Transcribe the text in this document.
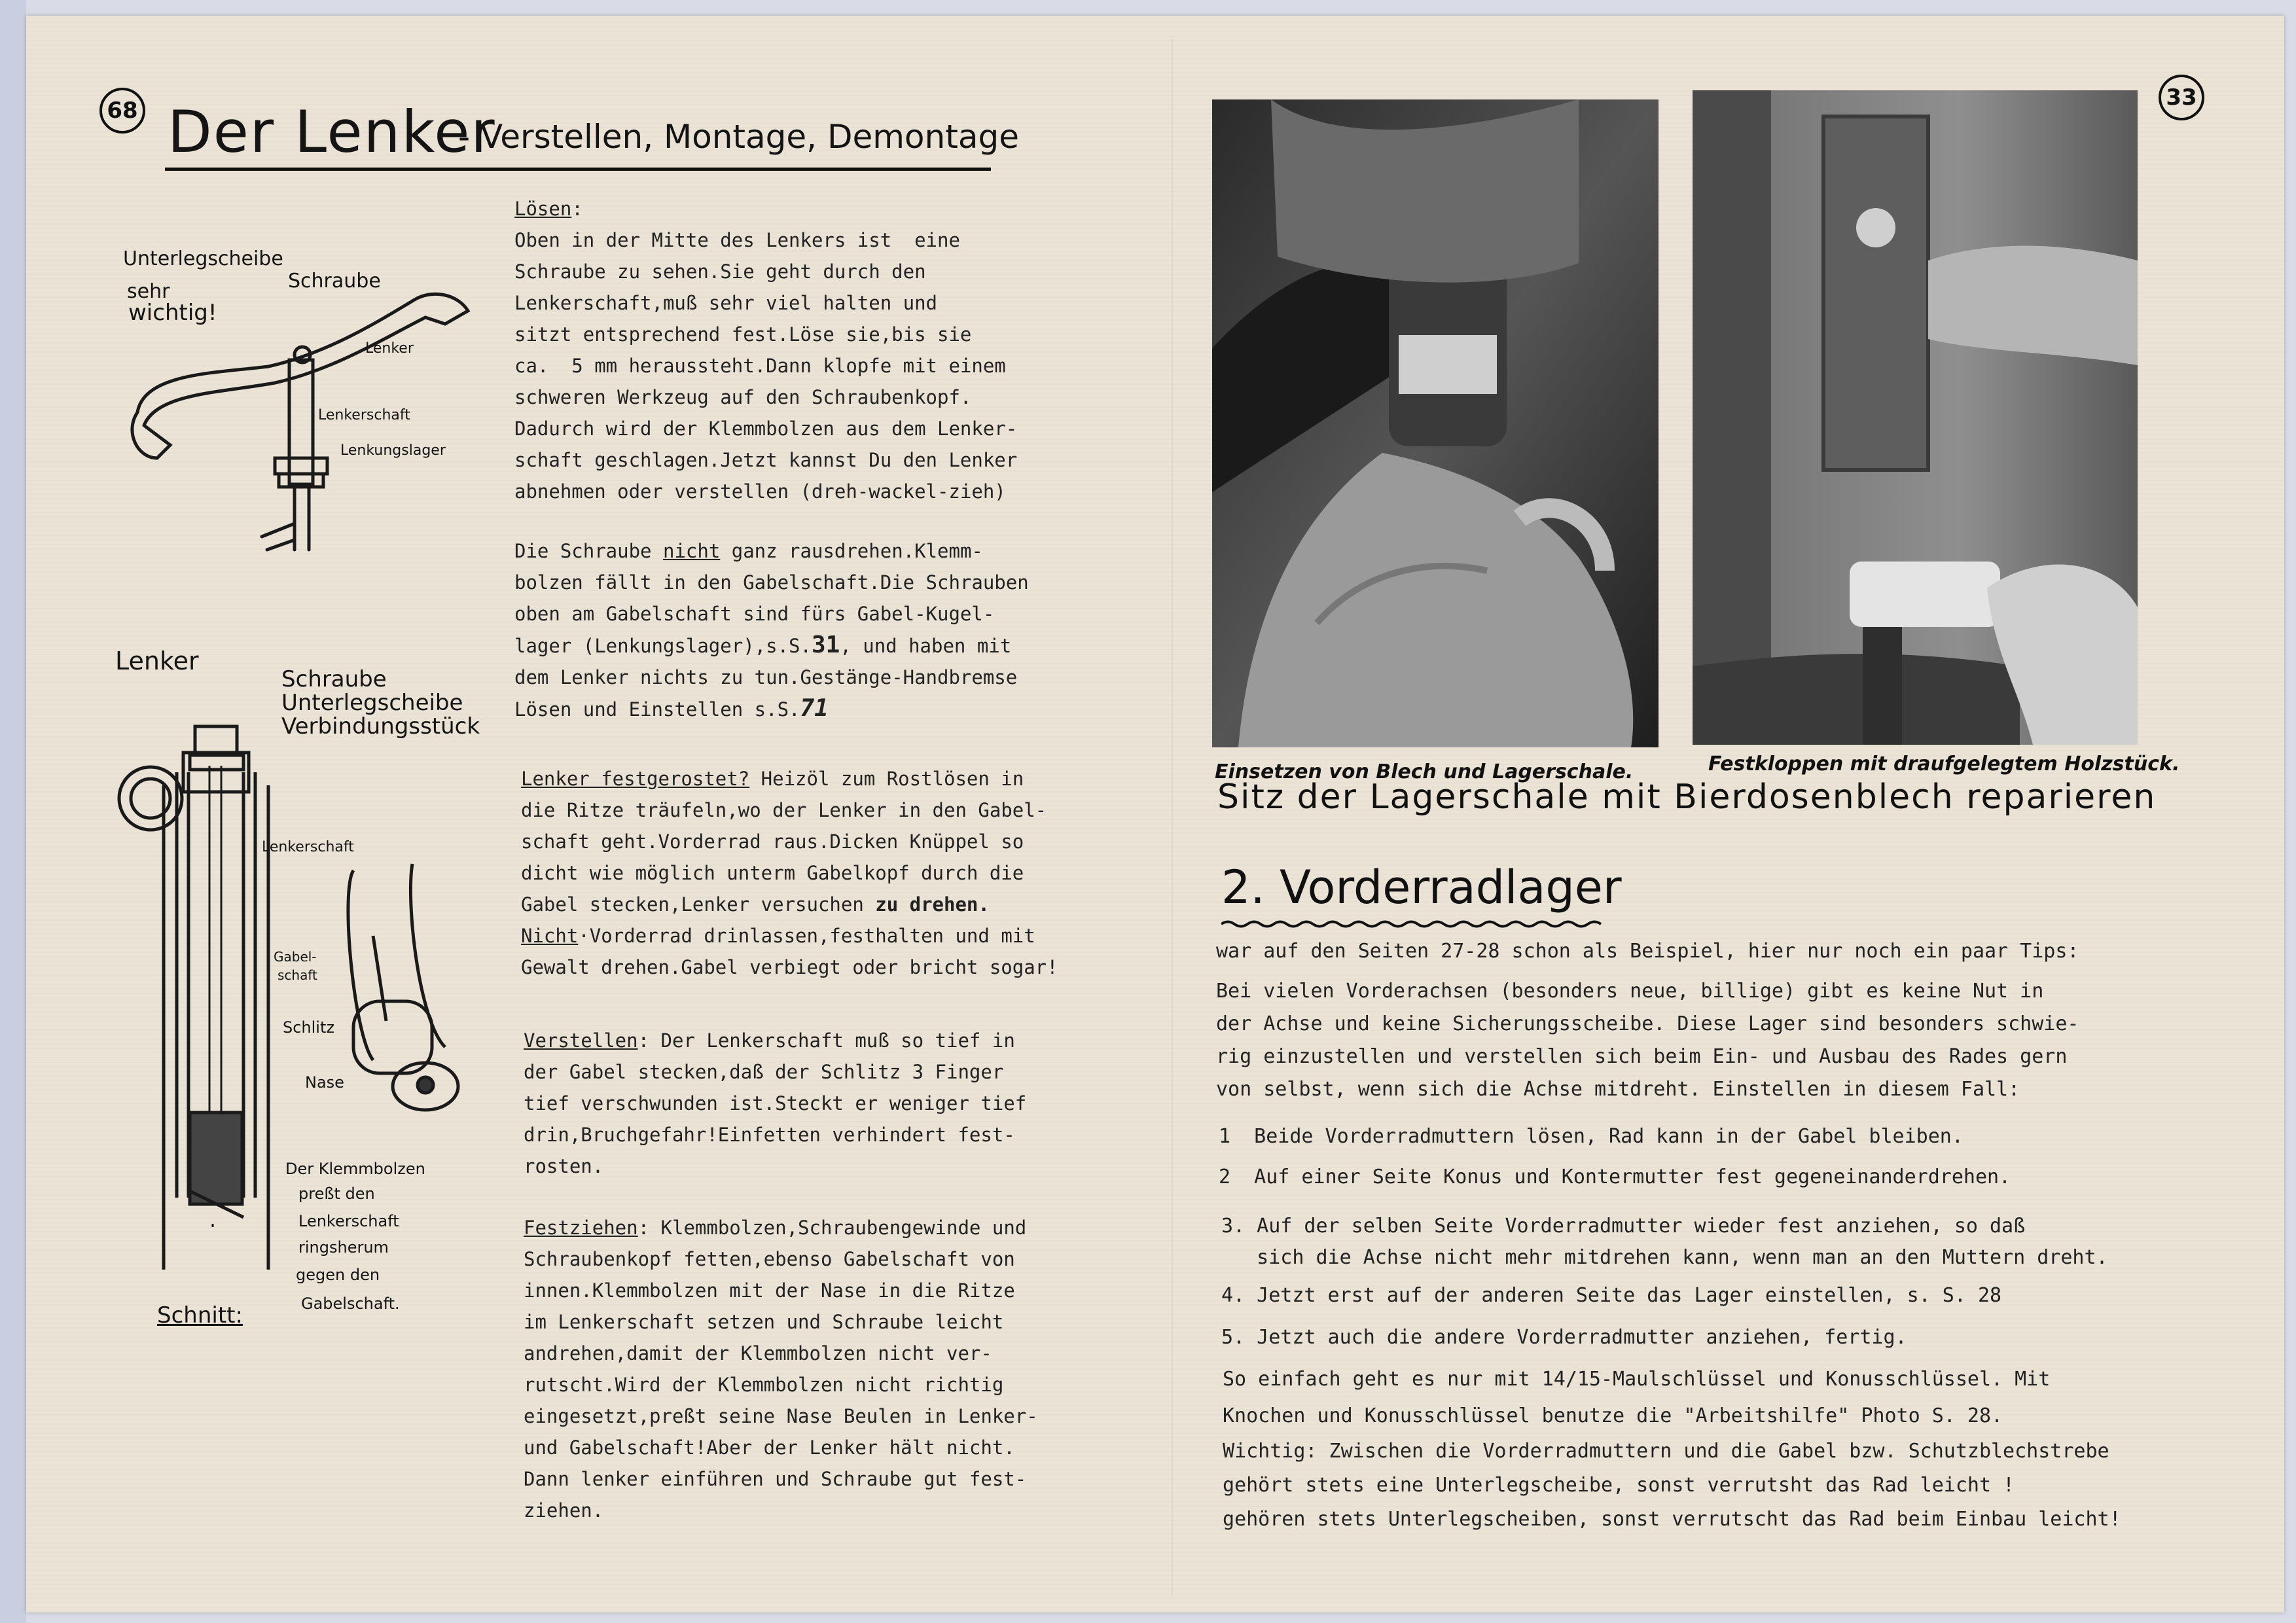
68 Der Lenker
- Verstellen, Montage, Demontage
Unterlegscheibe
sehr
wichtig!
Schraube
Lenker
Lenkerschaft
Lenkungslager
Lenker
Schraube
Unterlegscheibe
Verbindungsstück
Lenkerschaft
Gabel-
schaft
Schlitz
Nase
Der Klemmbolzen
preßt den
Lenkerschaft
ringsherum
gegen den
Gabelschaft.
Schnitt:

Lösen:

Oben in der Mitte des Lenkers ist  eine

Schraube zu sehen.Sie geht durch den

Lenkerschaft,muß sehr viel halten und

sitzt entsprechend fest.Löse sie,bis sie

ca.  5 mm heraussteht.Dann klopfe mit einem

schweren Werkzeug auf den Schraubenkopf.

Dadurch wird der Klemmbolzen aus dem Lenker-

schaft geschlagen.Jetzt kannst Du den Lenker

abnehmen oder verstellen (dreh-wackel-zieh)

Die Schraube nicht ganz rausdrehen.Klemm-

bolzen fällt in den Gabelschaft.Die Schrauben

oben am Gabelschaft sind fürs Gabel-Kugel-

lager (Lenkungslager),s.S.31, und haben mit

dem Lenker nichts zu tun.Gestänge-Handbremse

Lösen und Einstellen s.S.71

Lenker festgerostet? Heizöl zum Rostlösen in

die Ritze träufeln,wo der Lenker in den Gabel-

schaft geht.Vorderrad raus.Dicken Knüppel so

dicht wie möglich unterm Gabelkopf durch die

Gabel stecken,Lenker versuchen zu drehen.

Nicht·Vorderrad drinlassen,festhalten und mit

Gewalt drehen.Gabel verbiegt oder bricht sogar!

Verstellen: Der Lenkerschaft muß so tief in

der Gabel stecken,daß der Schlitz 3 Finger

tief verschwunden ist.Steckt er weniger tief

drin,Bruchgefahr!Einfetten verhindert fest-

rosten.

Festziehen: Klemmbolzen,Schraubengewinde und

Schraubenkopf fetten,ebenso Gabelschaft von

innen.Klemmbolzen mit der Nase in die Ritze

im Lenkerschaft setzen und Schraube leicht

andrehen,damit der Klemmbolzen nicht ver-

rutscht.Wird der Klemmbolzen nicht richtig

eingesetzt,preßt seine Nase Beulen in Lenker-

und Gabelschaft!Aber der Lenker hält nicht.

Dann lenker einführen und Schraube gut fest-

ziehen.

33
Einsetzen von Blech und Lagerschale.	Festkloppen mit draufgelegtem Holzstück.
Sitz der Lagerschale mit Bierdosenblech reparieren
2. Vorderradlager

war auf den Seiten 27-28 schon als Beispiel, hier nur noch ein paar Tips:

Bei vielen Vorderachsen (besonders neue, billige) gibt es keine Nut in

der Achse und keine Sicherungsscheibe. Diese Lager sind besonders schwie-

rig einzustellen und verstellen sich beim Ein- und Ausbau des Rades gern

von selbst, wenn sich die Achse mitdreht. Einstellen in diesem Fall:

1  Beide Vorderradmuttern lösen, Rad kann in der Gabel bleiben.

2  Auf einer Seite Konus und Kontermutter fest gegeneinanderdrehen.

3. Auf der selben Seite Vorderradmutter wieder fest anziehen, so daß

sich die Achse nicht mehr mitdrehen kann, wenn man an den Muttern dreht.

4. Jetzt erst auf der anderen Seite das Lager einstellen, s. S. 28

5. Jetzt auch die andere Vorderradmutter anziehen, fertig.

So einfach geht es nur mit 14/15-Maulschlüssel und Konusschlüssel. Mit

Knochen und Konusschlüssel benutze die "Arbeitshilfe" Photo S. 28.

Wichtig: Zwischen die Vorderradmuttern und die Gabel bzw. Schutzblechstrebe

gehört stets eine Unterlegscheibe, sonst verrutsht das Rad leicht !

gehören stets Unterlegscheiben, sonst verrutscht das Rad beim Einbau leicht!
